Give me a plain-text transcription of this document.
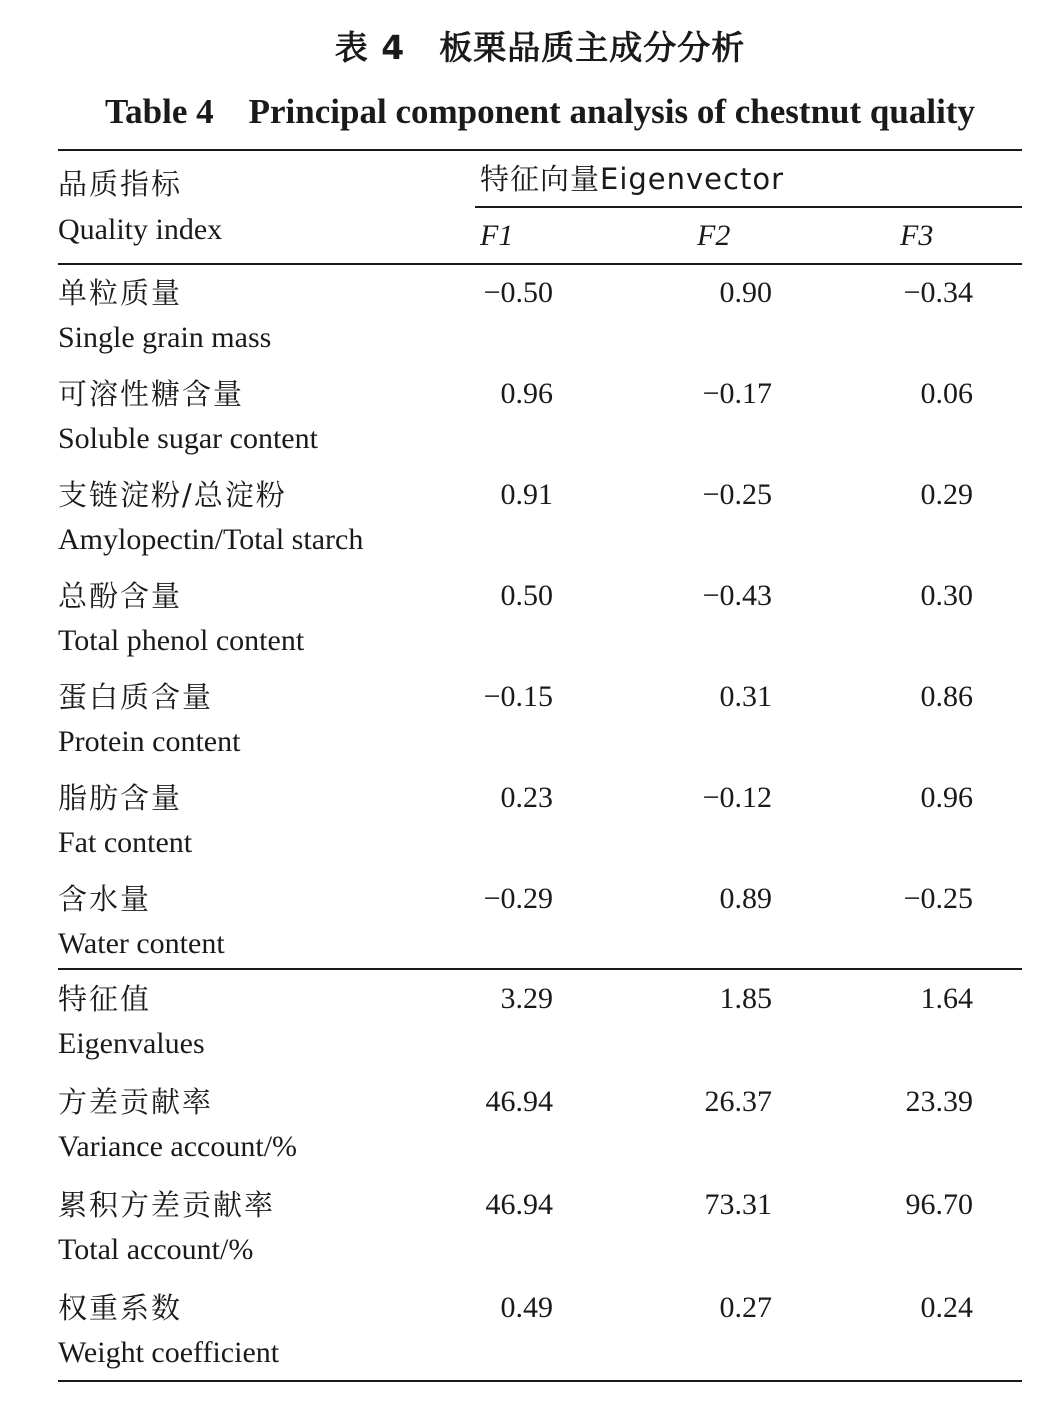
表 4　板栗品质主成分分析
Table 4　Principal component analysis of chestnut quality
品质指标
Quality index
特征向量Eigenvector
F1	F2	F3
单粒质量
Single grain mass
−0.50	0.90	−0.34
可溶性糖含量
Soluble sugar content
0.96	−0.17	0.06
支链淀粉/总淀粉
Amylopectin/Total starch
0.91	−0.25	0.29
总酚含量
Total phenol content
0.50	−0.43	0.30
蛋白质含量
Protein content
−0.15	0.31	0.86
脂肪含量
Fat content
0.23	−0.12	0.96
含水量
Water content
−0.29	0.89	−0.25
特征值
Eigenvalues
3.29	1.85	1.64
方差贡献率
Variance account/%
46.94	26.37	23.39
累积方差贡献率
Total account/%
46.94	73.31	96.70
权重系数
Weight coefficient
0.49	0.27	0.24
